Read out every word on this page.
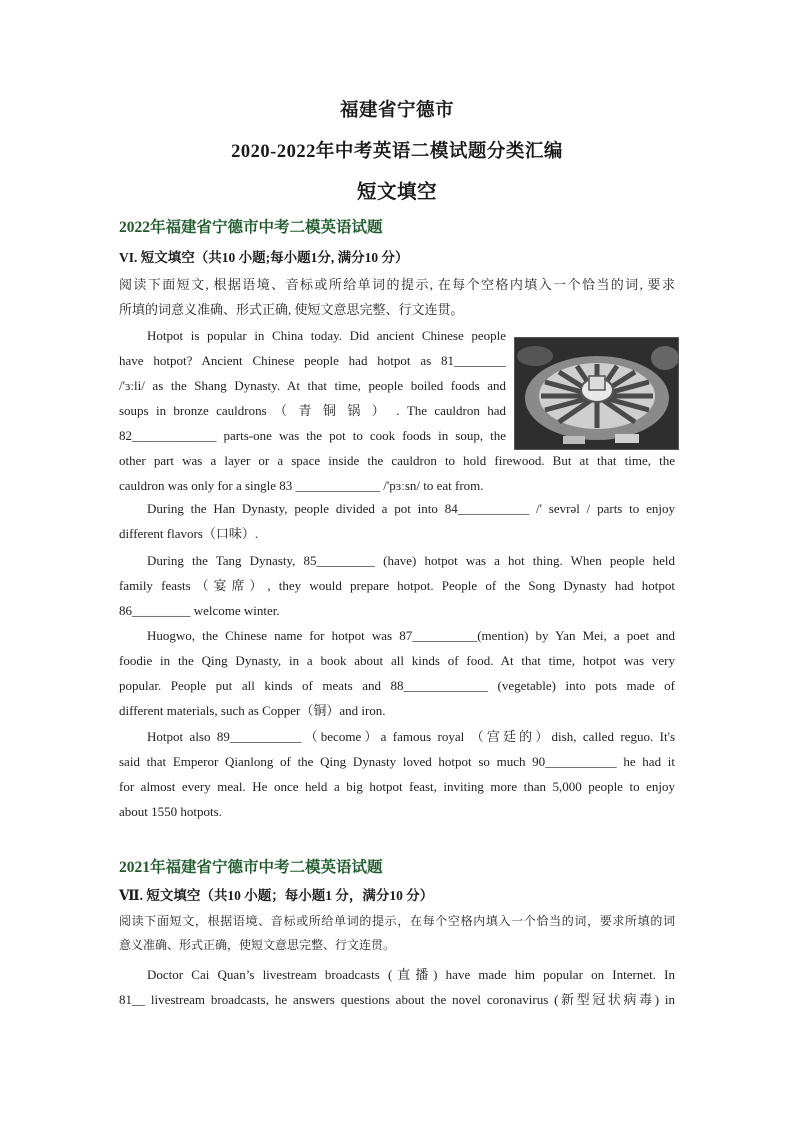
福建省宁德市
2020-2022年中考英语二模试题分类汇编
短文填空
2022年福建省宁德市中考二模英语试题
VI. 短文填空（共10 小题;每小题1分, 满分10 分）
阅读下面短文, 根据语境、音标或所给单词的提示, 在每个空格内填入一个恰当的词, 要求
所填的词意义准确、形式正确, 使短文意思完整、行文连贯。
Hotpot is popular in China today. Did ancient Chinese people
have hotpot? Ancient Chinese people had hotpot as 81________
/'ɜːli/ as the Shang Dynasty. At that time, people boiled foods and
soups in bronze cauldrons （ 青 铜 锅 ） . The cauldron had
82_____________ parts-one was the pot to cook foods in soup, the
other part was a layer or a space inside the cauldron to hold firewood. But at that time, the
cauldron was only for a single 83 _____________ /'pɜːsn/ to eat from.
During the Han Dynasty, people divided a pot into 84___________ /' sevrəl / parts to enjoy
different flavors（口味）.
During the Tang Dynasty, 85_________ (have) hotpot was a hot thing. When people held
family feasts（宴席）, they would prepare hotpot. People of the Song Dynasty had hotpot
86_________ welcome winter.
Huogwo, the Chinese name for hotpot was 87__________(mention) by Yan Mei, a poet and
foodie in the Qing Dynasty, in a book about all kinds of food. At that time, hotpot was very
popular. People put all kinds of meats and 88_____________ (vegetable) into pots made of
different materials, such as Copper（铜）and iron.
Hotpot also 89___________（become）a famous royal （宫廷的）dish, called reguo. It's
said that Emperor Qianlong of the Qing Dynasty loved hotpot so much 90___________ he had it
for almost every meal. He once held a big hotpot feast, inviting more than 5,000 people to enjoy
about 1550 hotpots.
2021年福建省宁德市中考二模英语试题
Ⅶ. 短文填空（共10 小题；每小题1 分，满分10 分）
阅读下面短文，根据语境、音标或所给单词的提示，在每个空格内填入一个恰当的词，要求所填的词
意义准确、形式正确，使短文意思完整、行文连贯。
Doctor Cai Quan’s livestream broadcasts (直播) have made him popular on Internet. In
81__ livestream broadcasts, he answers questions about the novel coronavirus (新型冠状病毒) in
